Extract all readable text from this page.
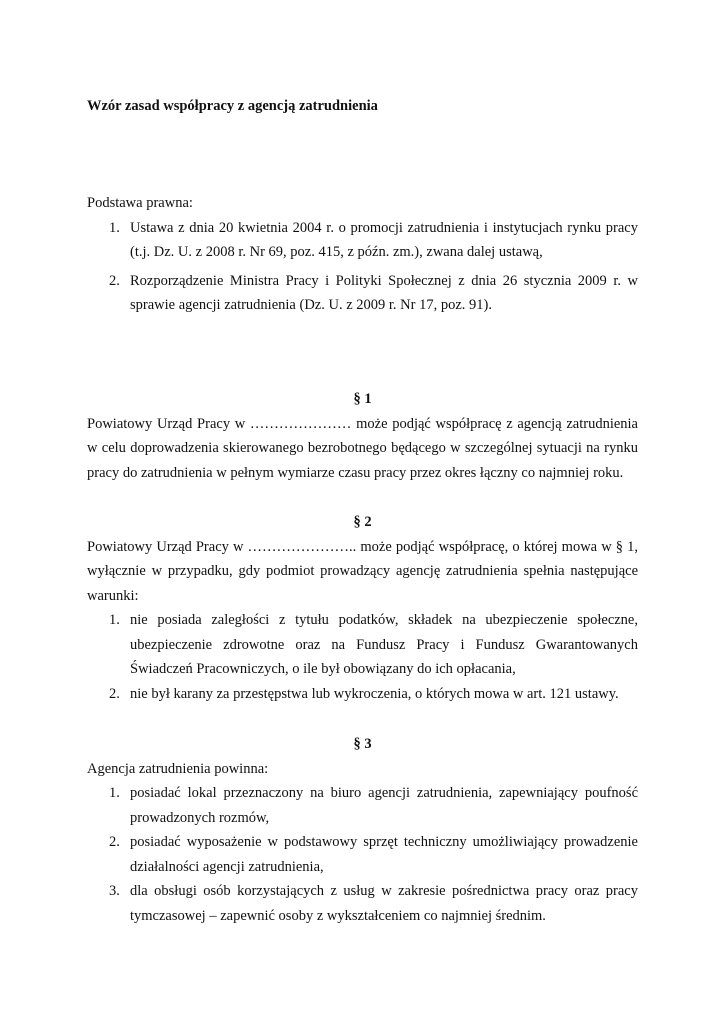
Wzór zasad współpracy z agencją zatrudnienia
Podstawa prawna:
1. Ustawa z dnia 20 kwietnia 2004 r. o promocji zatrudnienia i instytucjach rynku pracy (t.j. Dz. U. z 2008 r. Nr 69, poz. 415, z późn. zm.), zwana dalej ustawą,
2. Rozporządzenie Ministra Pracy i Polityki Społecznej z dnia 26 stycznia 2009 r. w sprawie agencji zatrudnienia (Dz. U. z 2009 r. Nr 17, poz. 91).
§ 1
Powiatowy Urząd Pracy w ………………… może podjąć współpracę z agencją zatrudnienia w celu doprowadzenia skierowanego bezrobotnego będącego w szczególnej sytuacji na rynku pracy do zatrudnienia w pełnym wymiarze czasu pracy przez okres łączny co najmniej roku.
§ 2
Powiatowy Urząd Pracy w ………………….. może podjąć współpracę, o której mowa w § 1, wyłącznie w przypadku, gdy podmiot prowadzący agencję zatrudnienia spełnia następujące warunki:
1. nie posiada zaległości z tytułu podatków, składek na ubezpieczenie społeczne, ubezpieczenie zdrowotne oraz na Fundusz Pracy i Fundusz Gwarantowanych Świadczeń Pracowniczych, o ile był obowiązany do ich opłacania,
2. nie był karany za przestępstwa lub wykroczenia, o których mowa w art. 121 ustawy.
§ 3
Agencja zatrudnienia powinna:
1. posiadać lokal przeznaczony na biuro agencji zatrudnienia, zapewniający poufność prowadzonych rozmów,
2. posiadać wyposażenie w podstawowy sprzęt techniczny umożliwiający prowadzenie działalności agencji zatrudnienia,
3. dla obsługi osób korzystających z usług w zakresie pośrednictwa pracy oraz pracy tymczasowej – zapewnić osoby z wykształceniem co najmniej średnim.
